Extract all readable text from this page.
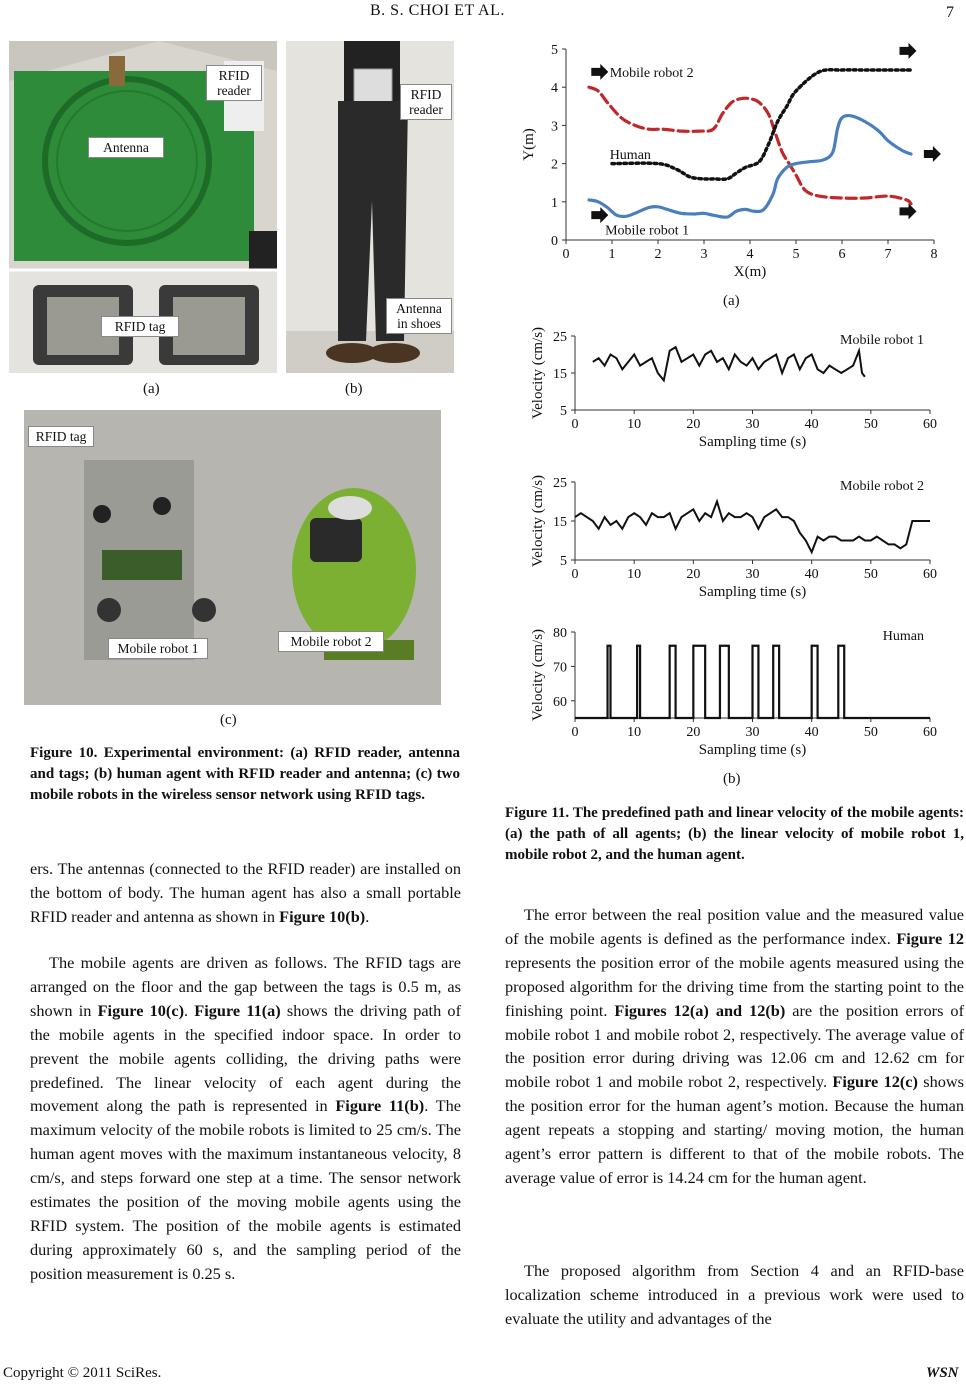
B. S. CHOI ET AL.	7
RFID reader
Antenna
RFID tag
RFID reader
Antenna in shoes
(a)	(b)
RFID tag
Mobile robot 1	Mobile robot 2
(c)

Figure 10. Experimental environment: (a) RFID reader, antenna and tags; (b) human agent with RFID reader and antenna; (c) two mobile robots in the wireless sensor network using RFID tags.

ers. The antennas (connected to the RFID reader) are installed on the bottom of body. The human agent has also a small portable RFID reader and antenna as shown in Figure 10(b).

The mobile agents are driven as follows. The RFID tags are arranged on the floor and the gap between the tags is 0.5 m, as shown in Figure 10(c). Figure 11(a) shows the driving path of the mobile agents in the specified indoor space. In order to prevent the mobile agents colliding, the driving paths were predefined. The linear velocity of each agent during the movement along the path is represented in Figure 11(b). The maximum velocity of the mobile robots is limited to 25 cm/s. The human agent moves with the maximum instantaneous velocity, 8 cm/s, and steps forward one step at a time. The sensor network estimates the position of the moving mobile agents using the RFID system. The position of the mobile agents is estimated during approximately 60 s, and the sampling period of the position measurement is 0.25 s.

0	1	2	3	4	5	6	7	8
0
1
2
3
4
5
X(m)
Y(m)
Mobile robot 2
Human
Mobile robot 1
(a)
0	10	20	30	40	50	60
5
15
25
Sampling time (s)
Velocity (cm/s)	Mobile robot 1
0	10	20	30	40	50	60
5
15
25
Sampling time (s)
Velocity (cm/s)	Mobile robot 2
0	10	20	30	40	50	60
60
70
80
Sampling time (s)
Velocity (cm/s)	Human
(b)

Figure 11. The predefined path and linear velocity of the mobile agents: (a) the path of all agents; (b) the linear velocity of mobile robot 1, mobile robot 2, and the human agent.

The error between the real position value and the measured value of the mobile agents is defined as the performance index. Figure 12 represents the position error of the mobile agents measured using the proposed algorithm for the driving time from the starting point to the finishing point. Figures 12(a) and 12(b) are the position errors of mobile robot 1 and mobile robot 2, respectively. The average value of the position error during driving was 12.06 cm and 12.62 cm for mobile robot 1 and mobile robot 2, respectively. Figure 12(c) shows the position error for the human agent’s motion. Because the human agent repeats a stopping and starting/ moving motion, the human agent’s error pattern is different to that of the mobile robots. The average value of error is 14.24 cm for the human agent.

The proposed algorithm from Section 4 and an RFID-base localization scheme introduced in a previous work were used to evaluate the utility and advantages of the

Copyright © 2011 SciRes.	WSN
